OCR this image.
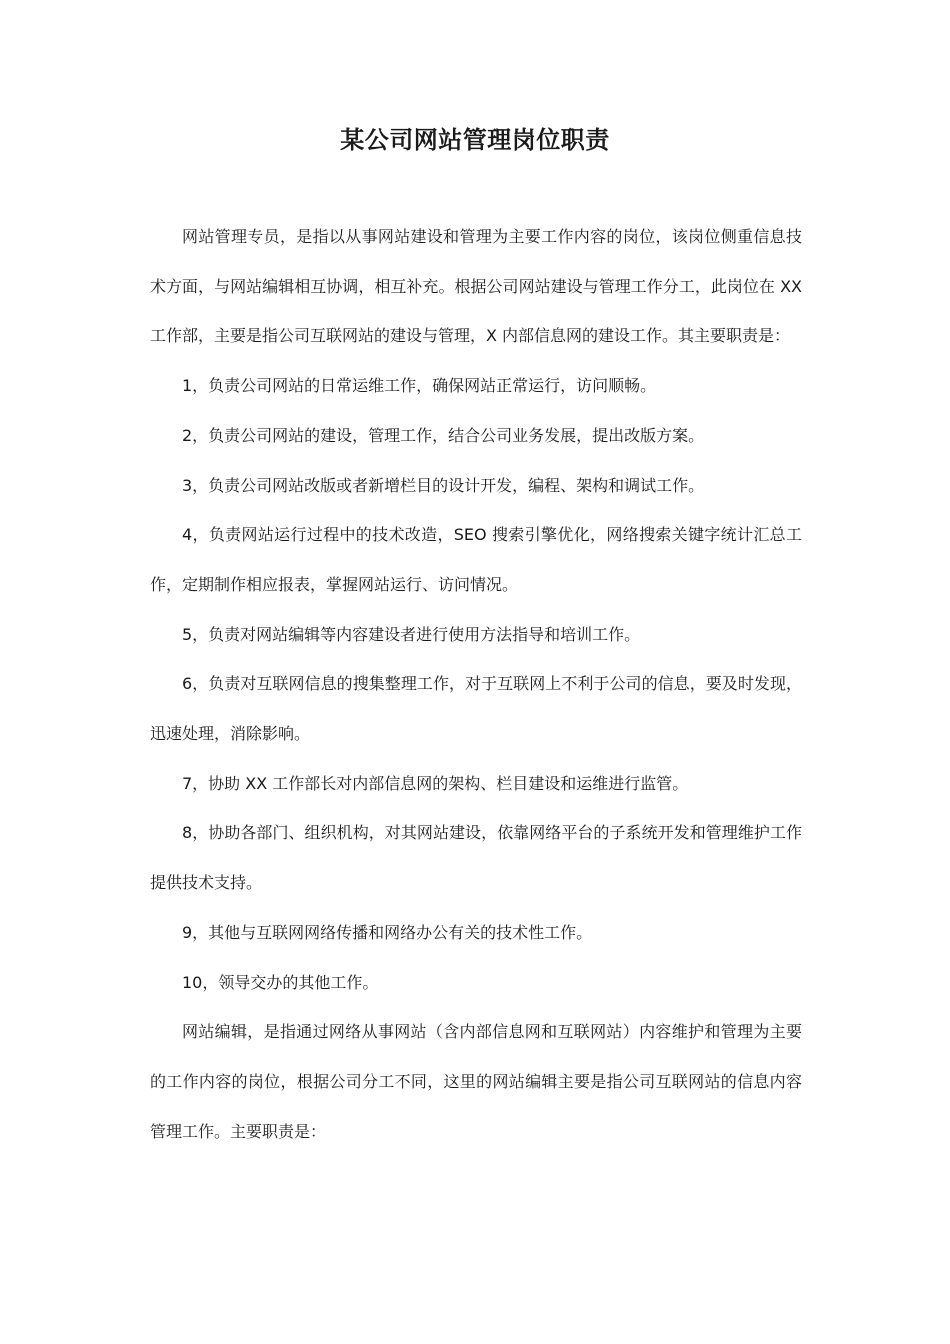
某公司网站管理岗位职责

网站管理专员，是指以从事网站建设和管理为主要工作内容的岗位，该岗位侧重信息技术方面，与网站编辑相互协调，相互补充。根据公司网站建设与管理工作分工，此岗位在 XX 工作部，主要是指公司互联网站的建设与管理，X 内部信息网的建设工作。其主要职责是：

1，负责公司网站的日常运维工作，确保网站正常运行，访问顺畅。

2，负责公司网站的建设，管理工作，结合公司业务发展，提出改版方案。

3，负责公司网站改版或者新增栏目的设计开发，编程、架构和调试工作。

4，负责网站运行过程中的技术改造，SEO 搜索引擎优化，网络搜索关键字统计汇总工作，定期制作相应报表，掌握网站运行、访问情况。

5，负责对网站编辑等内容建设者进行使用方法指导和培训工作。

6，负责对互联网信息的搜集整理工作，对于互联网上不利于公司的信息，要及时发现，迅速处理，消除影响。

7，协助 XX 工作部长对内部信息网的架构、栏目建设和运维进行监管。

8，协助各部门、组织机构，对其网站建设，依靠网络平台的子系统开发和管理维护工作提供技术支持。

9，其他与互联网网络传播和网络办公有关的技术性工作。

10，领导交办的其他工作。

网站编辑，是指通过网络从事网站（含内部信息网和互联网站）内容维护和管理为主要的工作内容的岗位，根据公司分工不同，这里的网站编辑主要是指公司互联网站的信息内容管理工作。主要职责是：
